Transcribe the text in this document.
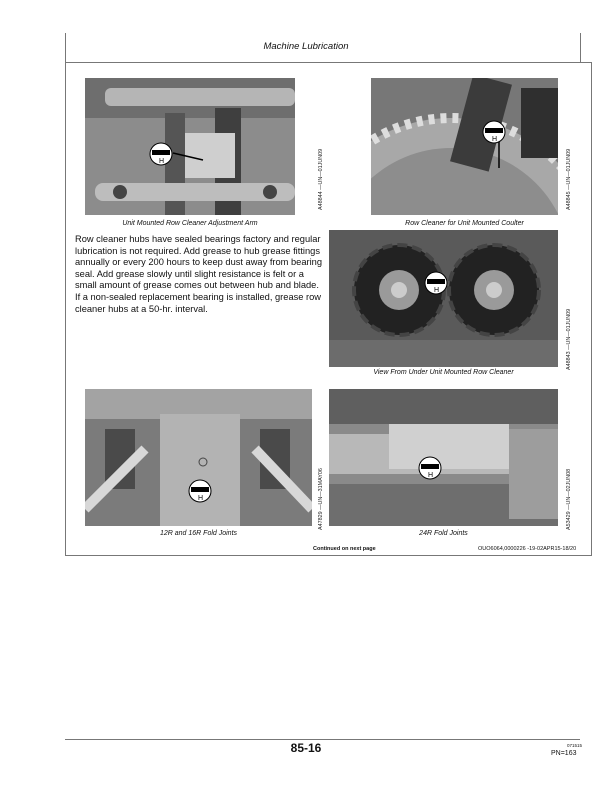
Machine Lubrication
H
Unit Mounted Row Cleaner Adjustment Arm
A48844 —UN—01JUN09
H
Row Cleaner for Unit Mounted Coulter
A48845 —UN—01JUN09
Row cleaner hubs have sealed bearings factory and regular lubrication is not required. Add grease to hub grease fittings annually or every 200 hours to keep dust away from bearing seal. Add grease slowly until slight resistance is felt or a small amount of grease comes out between hub and blade. If a non-sealed replacement bearing is installed, grease row cleaner hubs at a 50-hr. interval.
H
View From Under Unit Mounted Row Cleaner
A48843 —UN—01JUN09
H
12R and 16R Fold Joints
A47829 —UN—31MAY06	H
24R Fold Joints
A53429 —UN—02JUN08
Continued on next page	OUO6064,0000226 -19-02APR15-18/20
85-16	071515
PN=163
